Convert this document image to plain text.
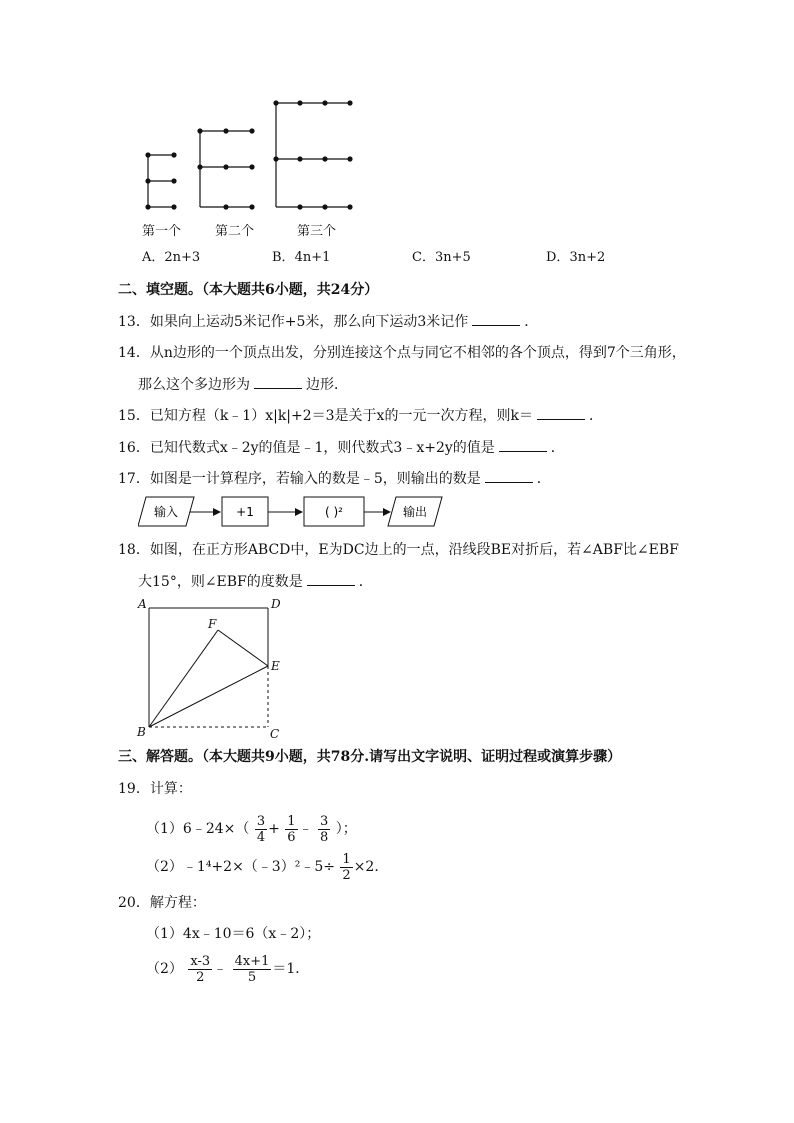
第一个	第二个	第三个
A．2n+3	B．4n+1	C．3n+5	D．3n+2
二、填空题。（本大题共6小题，共24分）
13．如果向上运动5米记作+5米，那么向下运动3米记作	．
14．从n边形的一个顶点出发，分别连接这个点与同它不相邻的各个顶点，得到7个三角形，
那么这个多边形为	边形．
15．已知方程（k﹣1）x|k|+2＝3是关于x的一元一次方程，则k＝	．
16．已知代数式x﹣2y的值是﹣1，则代数式3﹣x+2y的值是	．
17．如图是一计算程序，若输入的数是﹣5，则输出的数是	．
输入	+1	( )²	输出
18．如图，在正方形ABCD中，E为DC边上的一点，沿线段BE对折后，若∠ABF比∠EBF
大15°，则∠EBF的度数是	．
A	D
F
E
B	C
三、解答题。（本大题共9小题，共78分.请写出文字说明、证明过程或演算步骤）
19．计算：
（1）6﹣24×（ $\frac{3}{4} + \frac{1}{6}$ ﹣ $\frac{3}{8}$ ）；
（2）﹣1⁴+2×（﹣3）²﹣5÷ $\frac{1}{2} \times 2$．
20．解方程：
（1）4x﹣10＝6（x﹣2）；
$(2) \frac{x-3}{2}$ ﹣ $\frac{4x+1}{5} =1$．
